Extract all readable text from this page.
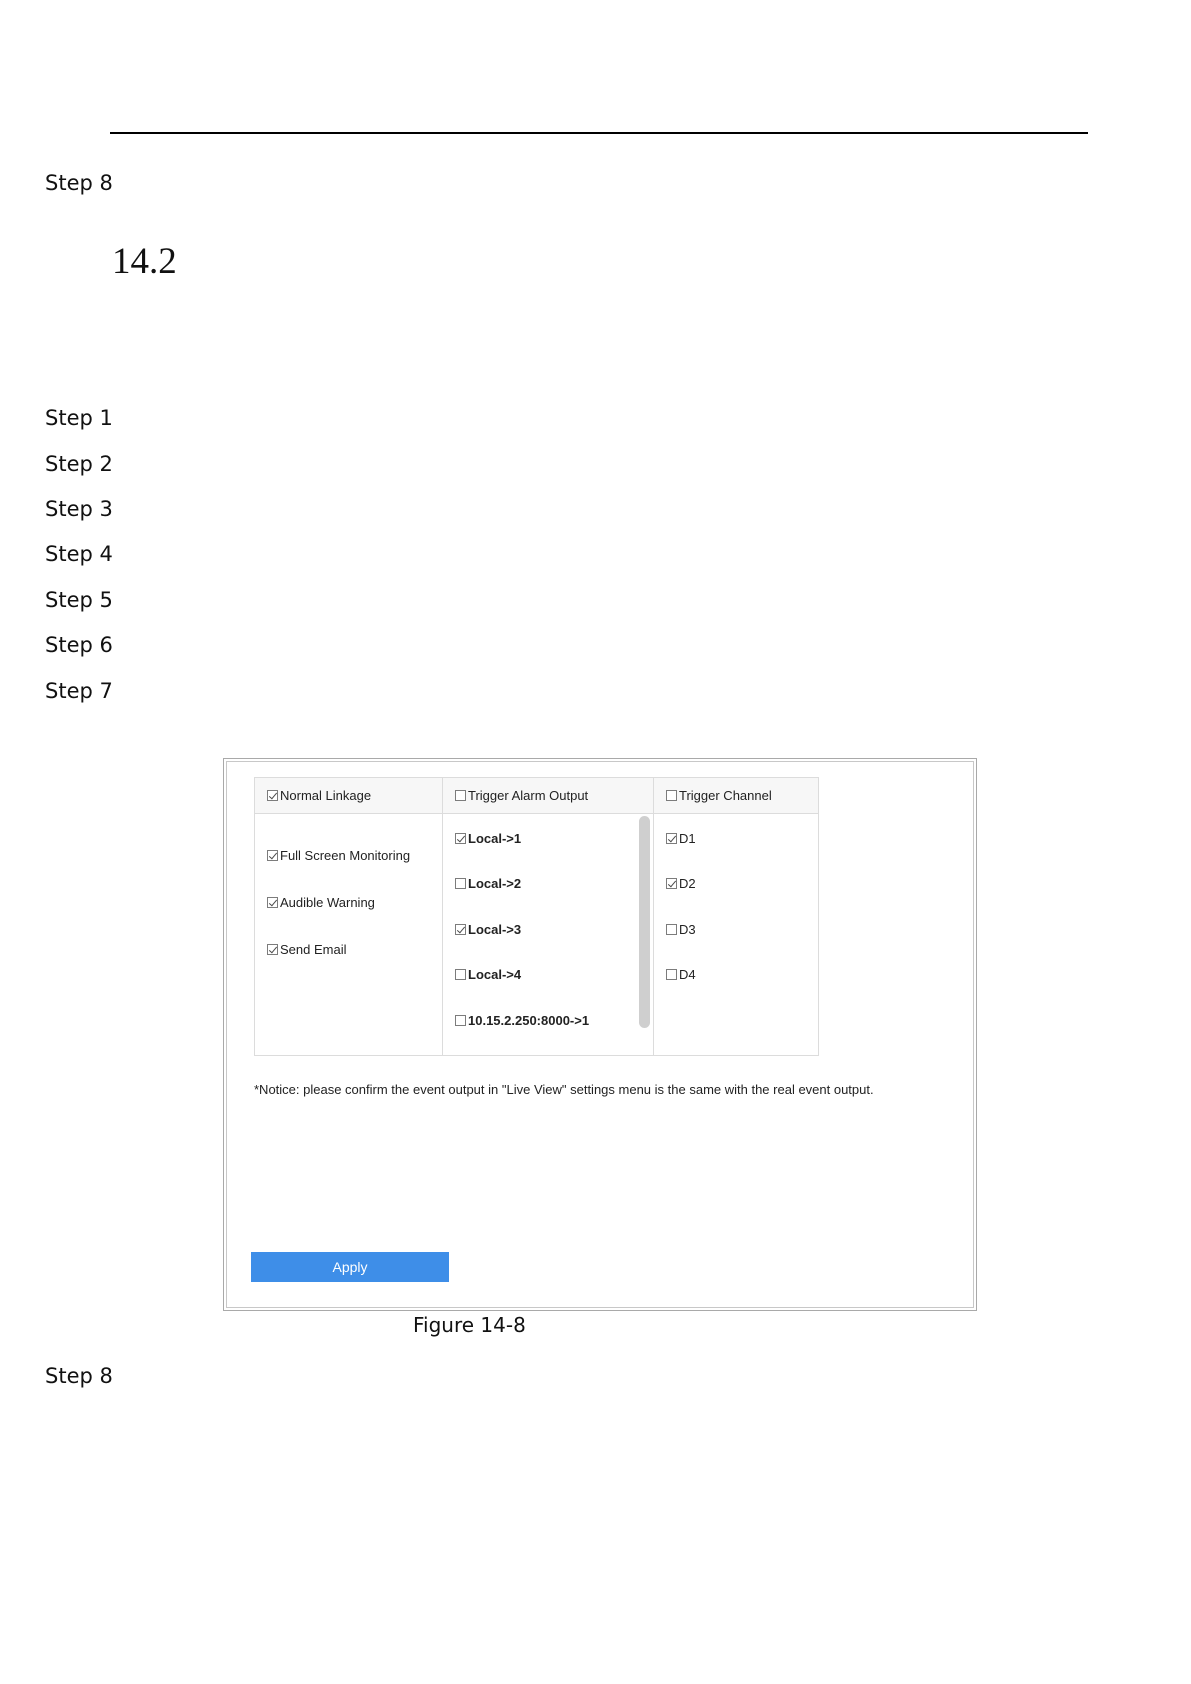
Step 8
14.2
Step 1
Step 2
Step 3
Step 4
Step 5
Step 6
Step 7
Normal Linkage
Full Screen Monitoring
Audible Warning
Send Email
Trigger Alarm Output
Local->1
Local->2
Local->3
Local->4
10.15.2.250:8000->1
Trigger Channel
D1
D2
D3
D4
*Notice: please confirm the event output in "Live View" settings menu is the same with the real event output.
Apply
Figure 14-8
Step 8
